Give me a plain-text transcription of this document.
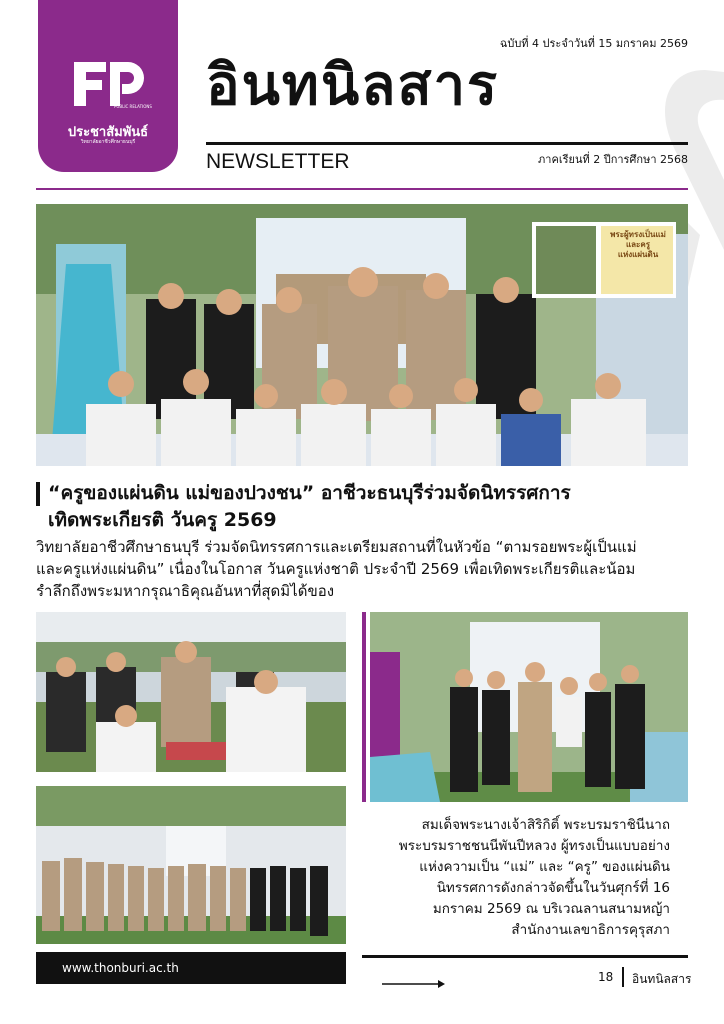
PUBLIC RELATIONS
ประชาสัมพันธ์
วิทยาลัยอาชีวศึกษาธนบุรี
ฉบับที่ 4 ประจำวันที่ 15 มกราคม 2569
อินทนิลสาร
NEWSLETTER	ภาคเรียนที่ 2 ปีการศึกษา 2568
พระผู้ทรงเป็นแม่
และครู
แห่งแผ่นดิน
“ครูของแผ่นดิน แม่ของปวงชน” อาชีวะธนบุรีร่วมจัดนิทรรศการ
เทิดพระเกียรติ วันครู 2569
วิทยาลัยอาชีวศึกษาธนบุรี ร่วมจัดนิทรรศการและเตรียมสถานที่ในหัวข้อ “ตามรอยพระผู้เป็นแม่
และครูแห่งแผ่นดิน” เนื่องในโอกาส วันครูแห่งชาติ ประจำปี 2569 เพื่อเทิดพระเกียรติและน้อม
รำลึกถึงพระมหากรุณาธิคุณอันหาที่สุดมิได้ของ
สมเด็จพระนางเจ้าสิริกิติ์ พระบรมราชินีนาถ
พระบรมราชชนนีพันปีหลวง ผู้ทรงเป็นแบบอย่าง
แห่งความเป็น “แม่” และ “ครู” ของแผ่นดิน
นิทรรศการดังกล่าวจัดขึ้นในวันศุกร์ที่ 16
มกราคม 2569 ณ บริเวณลานสนามหญ้า
สำนักงานเลขาธิการคุรุสภา
www.thonburi.ac.th
18 อินทนิลสาร
